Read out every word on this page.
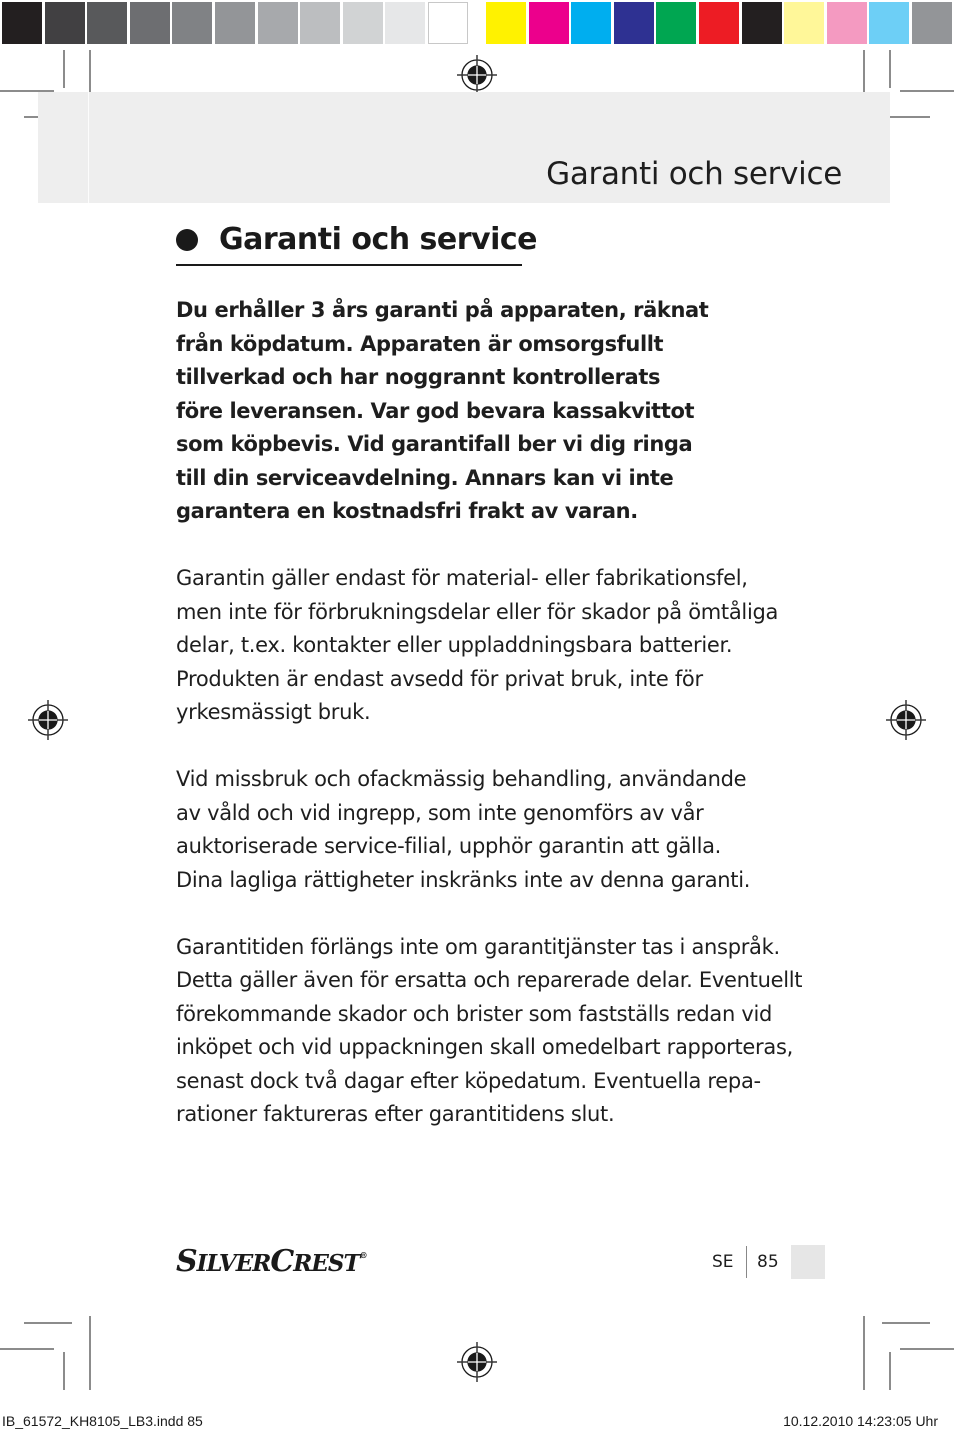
Garanti och service
Garanti och service

Du erhåller 3 års garanti på apparaten, räknat
från köpdatum. Apparaten är omsorgsfullt
tillverkad och har noggrannt kontrollerats
före leveransen. Var god bevara kassakvittot
som köpbevis. Vid garantifall ber vi dig ringa
till din serviceavdelning. Annars kan vi inte
garantera en kostnadsfri frakt av varan.

Garantin gäller endast för material- eller fabrikationsfel,
men inte för förbrukningsdelar eller för skador på ömtåliga
delar, t.ex. kontakter eller uppladdningsbara batterier.
Produkten är endast avsedd för privat bruk, inte för
yrkesmässigt bruk.

Vid missbruk och ofackmässig behandling, användande
av våld och vid ingrepp, som inte genomförs av vår
auktoriserade service-filial, upphör garantin att gälla.
Dina lagliga rättigheter inskränks inte av denna garanti.

Garantitiden förlängs inte om garantitjänster tas i anspråk.
Detta gäller även för ersatta och reparerade delar. Eventuellt
förekommande skador och brister som fastställs redan vid
inköpet och vid uppackningen skall omedelbart rapporteras,
senast dock två dagar efter köpedatum. Eventuella repa-
rationer faktureras efter garantitidens slut.

SILVERCREST®	SE 85
IB_61572_KH8105_LB3.indd 85	10.12.2010 14:23:05 Uhr
